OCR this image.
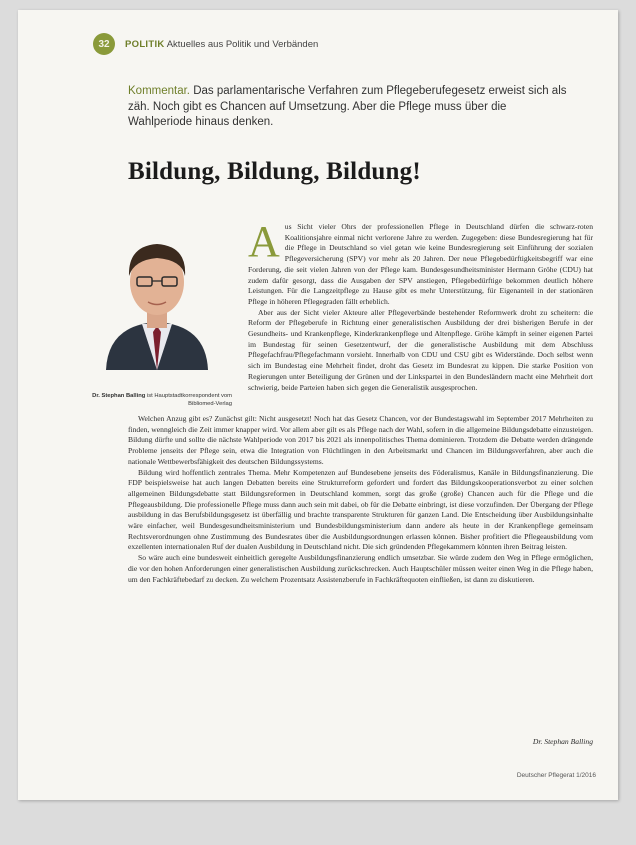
32	POLITIK Aktuelles aus Politik und Verbänden
Kommentar. Das parlamentarische Verfahren zum Pflegeberufegesetz erweist sich als zäh. Noch gibt es Chancen auf Umsetzung. Aber die Pflege muss über die Wahlperiode hinaus denken.
Bildung, Bildung, Bildung!
Dr. Stephan Balling ist Hauptstadtkorrespondent vom Bibliomed-Verlag

Aus Sicht vieler Ohrs der professionellen Pflege in Deutschland dürfen die schwarz-roten Koalitionsjahre einmal nicht verlorene Jahre zu werden. Zugegeben: diese Bundesregierung hat für die Pflege in Deutschland so viel getan wie keine Bundesregierung seit Einführung der sozialen Pflegeversicherung (SPV) vor mehr als 20 Jahren. Der neue Pflegebedürftigkeitsbegriff war eine Forderung, die seit vielen Jahren von der Pflege kam. Bundesgesundheitsminister Hermann Gröhe (CDU) hat zudem dafür gesorgt, dass die Ausgaben der SPV anstiegen, Pflegebedürftige bekommen deutlich höhere Leistungen. Für die Langzeitpflege zu Hause gibt es mehr Unterstützung, für Eigenanteil in der stationären Pflege in höheren Pflegegraden fällt erheblich.

Aber aus der Sicht vieler Akteure aller Pflegeverbände bestehender Reformwerk droht zu scheitern: die Reform der Pflegeberufe in Richtung einer generalistischen Ausbildung der drei bisherigen Berufe in der Gesundheits- und Krankenpflege, Kinderkrankenpflege und Altenpflege. Gröhe kämpft in seiner eigenen Partei im Bundestag für seinen Gesetzentwurf, der die generalistische Ausbildung mit dem Abschluss Pflegefachfrau/Pflegefachmann vorsieht. Innerhalb von CDU und CSU gibt es Widerstände. Doch selbst wenn sich im Bundestag eine Mehrheit findet, droht das Gesetz im Bundesrat zu kippen. Die starke Position von Regierungen unter Beteiligung der Grünen und der Linkspartei in den Bundesländern macht eine Mehrheit dort schwierig, beide Parteien haben sich gegen die Generalistik ausgesprochen.

Welchen Anzug gibt es? Zunächst gilt: Nicht ausgesetzt! Noch hat das Gesetz Chancen, vor der Bundestagswahl im September 2017 Mehrheiten zu finden, wenngleich die Zeit immer knapper wird. Vor allem aber gilt es als Pflege nach der Wahl, sofern in die allgemeine Bildungsdebatte einzusteigen. Bildung dürfte und sollte die nächste Wahlperiode von 2017 bis 2021 als innenpolitisches Thema dominieren. Trotzdem die Debatte werden drängende Probleme jenseits der Pflege sein, etwa die Integration von Flüchtlingen in den Arbeitsmarkt und Chancen im Bildungsverfahren, aber auch die nationale Wettbewerbsfähigkeit des deutschen Bildungssystems.

Bildung wird hoffentlich zentrales Thema. Mehr Kompetenzen auf Bundesebene jenseits des Föderalismus, Kanäle in Bildungsfinanzierung. Die FDP beispielsweise hat auch langen Debatten bereits eine Strukturreform gefordert und fordert das Bildungskooperationsverbot zu einer solchen allgemeinen Bildungsdebatte statt Bildungsreformen in Deutschland kommen, sorgt das große (große) Chancen auch für die Pflege und die Pflegeausbildung. Die professionelle Pflege muss dann auch sein mit dabei, ob für die Debatte einbringt, ist diese vorzufinden. Der Übergang der Pflege ausbildung in das Berufsbildungsgesetz ist überfällig und brachte transparente Strukturen für ganzen Land. Die Entscheidung über Ausbildungsinhalte wäre einfacher, weil Bundesgesundheitsministerium und Bundesbildungsministerium dann andere als heute in der Krankenpflege gemeinsam Rechtsverordnungen ohne Zustimmung des Bundesrates über die Ausbildungsordnungen erlassen können. Bisher profitiert die Pflegeausbildung vom exzellenten internationalen Ruf der dualen Ausbildung in Deutschland nicht. Die sich gründenden Pflegekammern könnten ihren Beitrag leisten.

So wäre auch eine bundesweit einheitlich geregelte Ausbildungsfinanzierung endlich umsetzbar. Sie würde zudem den Weg in Pflege ermöglichen, die vor den hohen Anforderungen einer generalistischen Ausbildung zurückschrecken. Auch Hauptschüler müssen weiter einen Weg in die Pflege haben, um den Fachkräftebedarf zu decken. Zu welchem Prozentsatz Assistenzberufe in Fachkräftequoten einfließen, ist dann zu diskutieren.

Dr. Stephan Balling
Deutscher Pflegerat 1/2016
